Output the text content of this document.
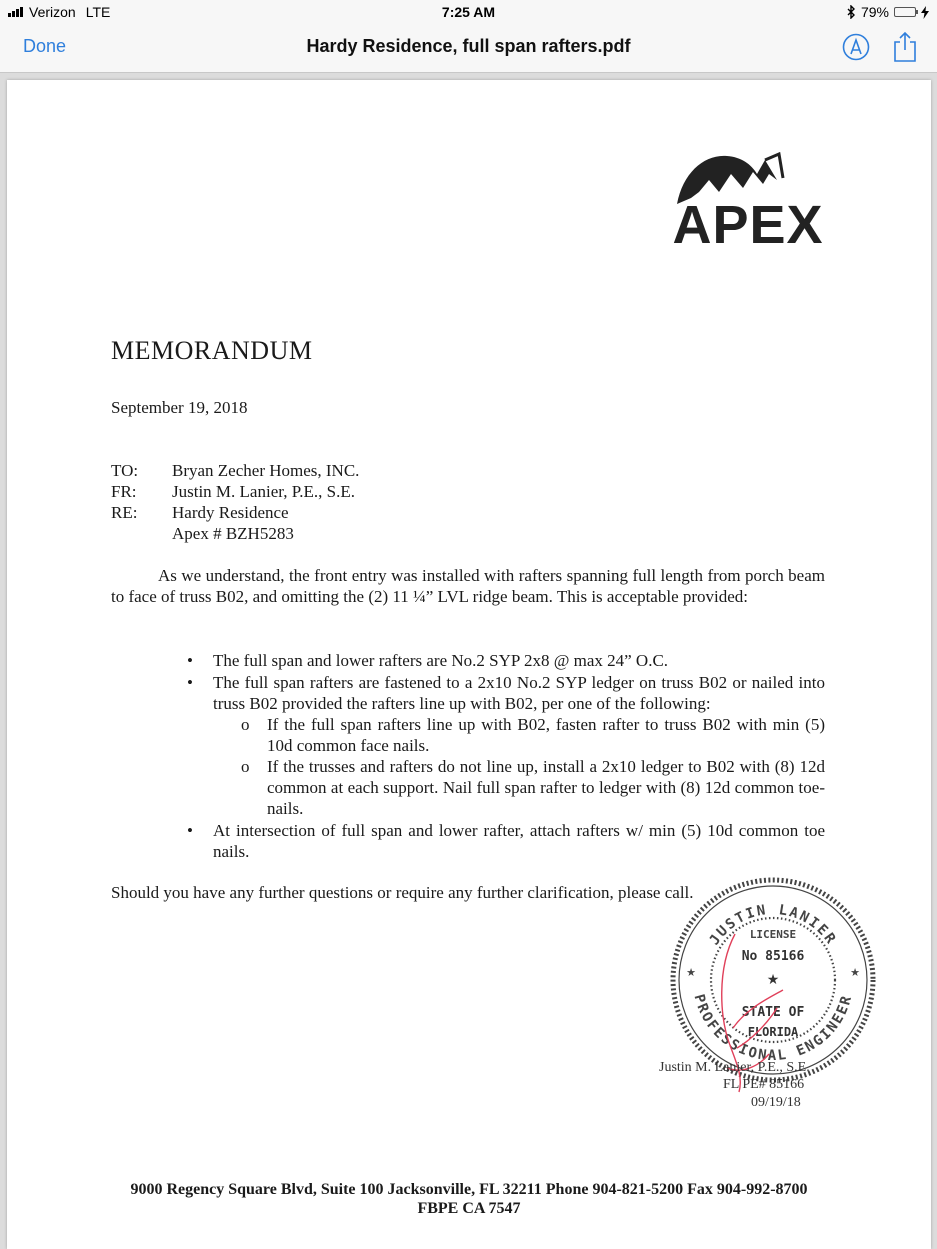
Verizon LTE	7:25 AM	79%
Done	Hardy Residence, full span rafters.pdf
APEX
MEMORANDUM
September 19, 2018
TO:	Bryan Zecher Homes, INC.
FR:	Justin M. Lanier, P.E., S.E.
RE:	Hardy Residence
Apex # BZH5283
As we understand, the front entry was installed with rafters spanning full length from porch beam to face of truss B02, and omitting the (2) 11 ¼” LVL ridge beam. This is acceptable provided:
• The full span and lower rafters are No.2 SYP 2x8 @ max 24” O.C.
• The full span rafters are fastened to a 2x10 No.2 SYP ledger on truss B02 or nailed into truss B02 provided the rafters line up with B02, per one of the following:
o If the full span rafters line up with B02, fasten rafter to truss B02 with min (5) 10d common face nails.
o If the trusses and rafters do not line up, install a 2x10 ledger to B02 with (8) 12d common at each support. Nail full span rafter to ledger with (8) 12d common toe-nails.
• At intersection of full span and lower rafter, attach rafters w/ min (5) 10d common toe nails.
Should you have any further questions or require any further clarification, please call.
JUSTIN LANIER
PROFESSIONAL ENGINEER
LICENSE
No 85166
★
★	★
STATE OF
FLORIDA
Justin M. Lanier, P.E., S.E.
FL PE# 85166
09/19/18
9000 Regency Square Blvd, Suite 100 Jacksonville, FL 32211 Phone 904-821-5200 Fax 904-992-8700
FBPE CA 7547
